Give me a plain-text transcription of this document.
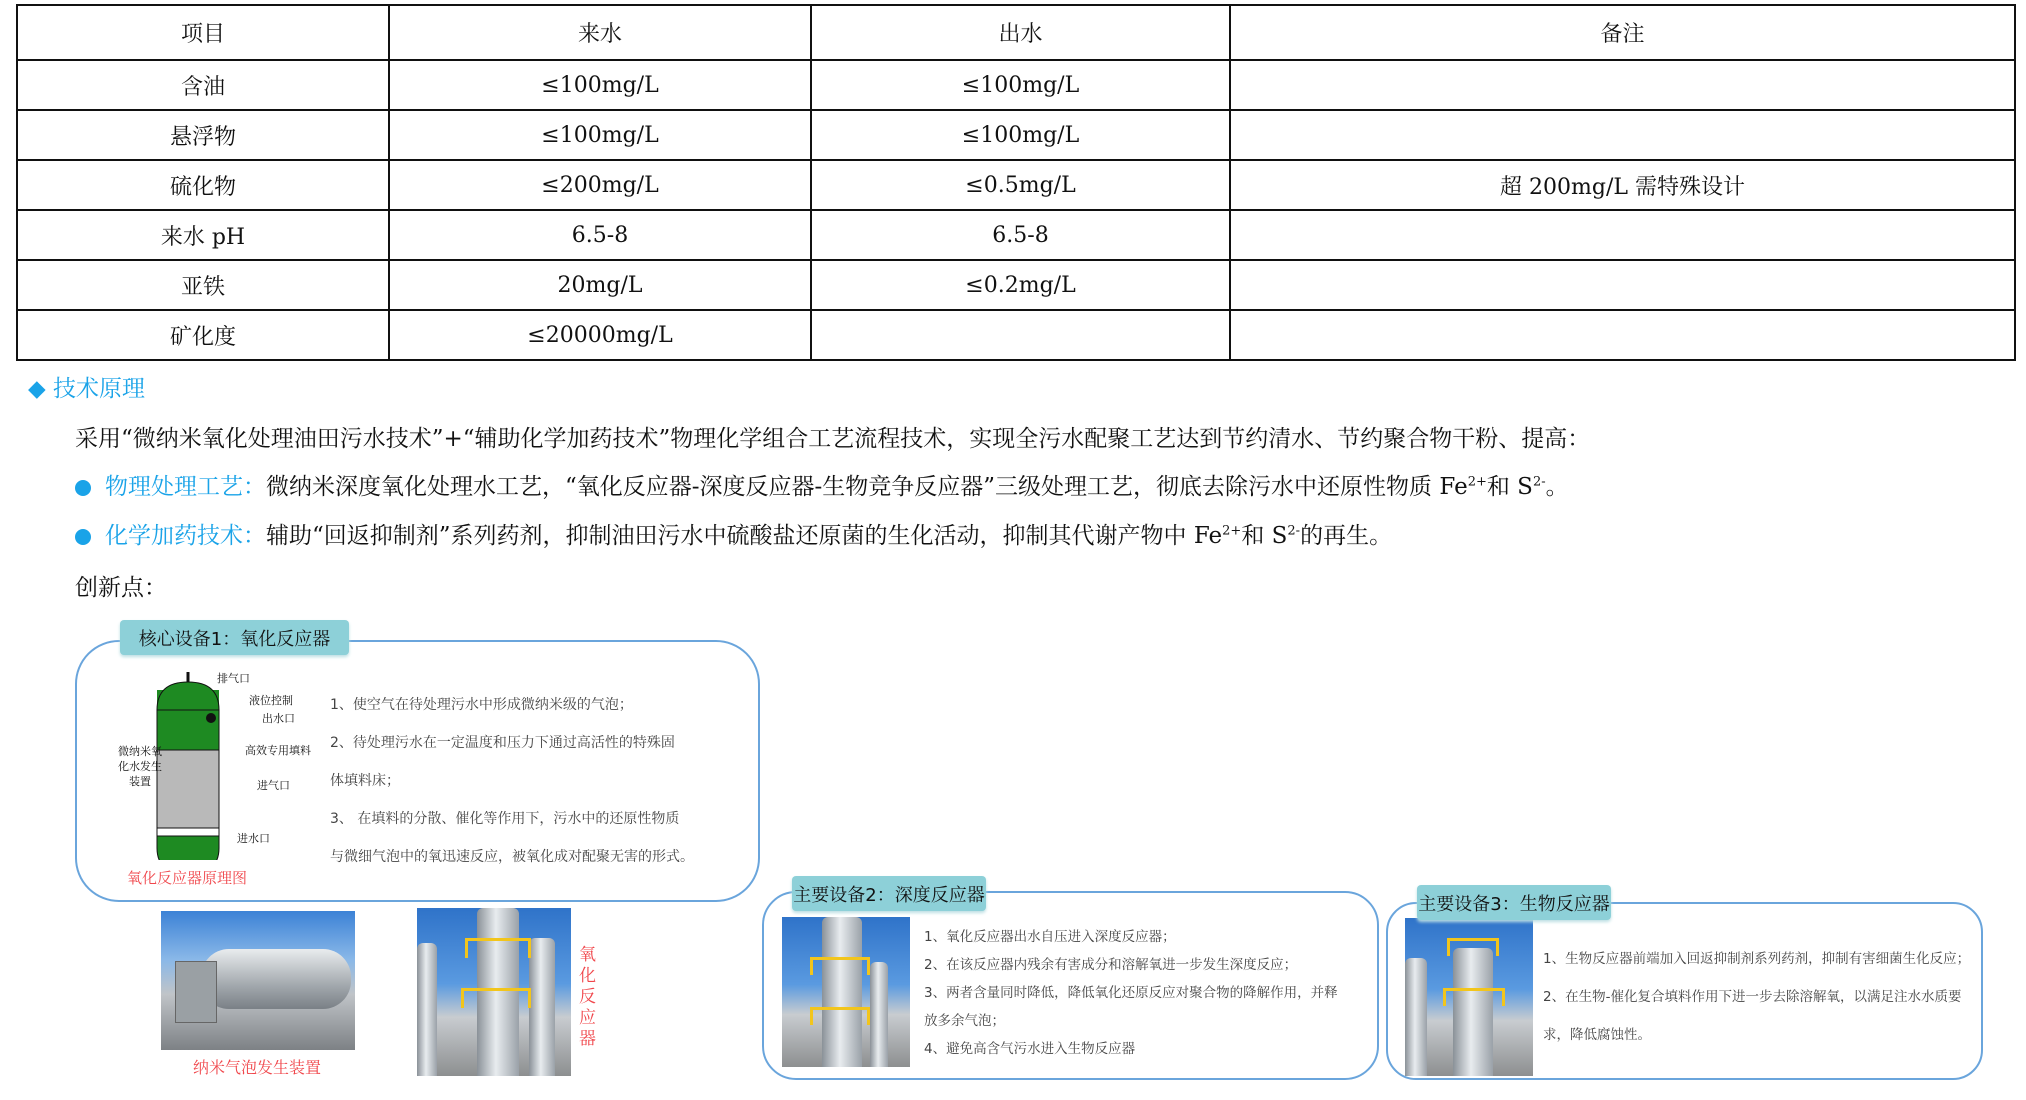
项目	来水	出水	备注
含油	≤100mg/L	≤100mg/L	
悬浮物	≤100mg/L	≤100mg/L	
硫化物	≤200mg/L	≤0.5mg/L	超 200mg/L 需特殊设计
来水 pH	6.5-8	6.5-8	
亚铁	20mg/L	≤0.2mg/L	
矿化度	≤20000mg/L		
◆ 技术原理
采用“微纳米氧化处理油田污水技术”+“辅助化学加药技术”物理化学组合工艺流程技术，实现全污水配聚工艺达到节约清水、节约聚合物干粉、提高：
物理处理工艺：微纳米深度氧化处理水工艺，“氧化反应器-深度反应器-生物竞争反应器”三级处理工艺，彻底去除污水中还原性物质 $Fe^{2+}$和 $S^{2-}$。
化学加药技术：辅助“回返抑制剂”系列药剂，抑制油田污水中硫酸盐还原菌的生化活动，抑制其代谢产物中 $Fe^{2+}$和 $S^{2-}$的再生。
创新点：
排气口
液位控制
出水口
高效专用填料
微纳米氧化水发生装置	进气口
进水口
氧化反应器原理图
1、使空气在待处理污水中形成微纳米级的气泡；
2、待处理污水在一定温度和压力下通过高活性的特殊固
体填料床；
3、 在填料的分散、催化等作用下，污水中的还原性物质
与微细气泡中的氧迅速反应，被氧化成对配聚无害的形式。
核心设备1：氧化反应器
纳米气泡发生装置
氧化反应器
1、氧化反应器出水自压进入深度反应器；
2、在该反应器内残余有害成分和溶解氧进一步发生深度反应；
3、两者含量同时降低，降低氧化还原反应对聚合物的降解作用，并释
放多余气泡；
4、避免高含气污水进入生物反应器
主要设备2：深度反应器
1、生物反应器前端加入回返抑制剂系列药剂，抑制有害细菌生化反应；
2、在生物-催化复合填料作用下进一步去除溶解氧，以满足注水水质要
求，降低腐蚀性。
主要设备3：生物反应器
